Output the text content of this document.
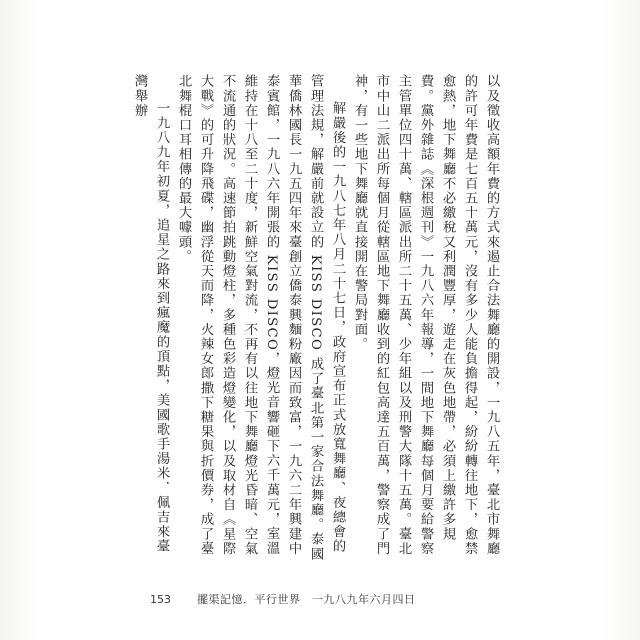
以及徵收高額年費的方式來遏止合法舞廳的開設，一九八五年，臺北市舞廳的許可年費是七百五十萬元，沒有多少人能負擔得起，紛紛轉往地下，愈禁愈熱，地下舞廳不必繳稅又利潤豐厚，遊走在灰色地帶，必須上繳許多規費。黨外雜誌《深根週刊》一九八六年報導，一間地下舞廳每個月要給警察主管單位四十萬、轄區派出所二十五萬、少年組以及刑警大隊十五萬。臺北市中山二派出所每個月從轄區地下舞廳收到的紅包高達五百萬，警察成了門神，有一些地下舞廳就直接開在警局對面。

解嚴後的一九八七年八月二十七日，政府宣布正式放寬舞廳、夜總會的管理法規，解嚴前就設立的 KISS DISCO 成了臺北第一家合法舞廳。泰國華僑林國長一九五四年來臺創立僑泰興麵粉廠因而致富，一九六二年興建中泰賓館，一九八六年開張的 KISS DISCO，燈光音響砸下六千萬元，室溫維持在十八至二十度，新鮮空氣對流，不再有以往地下舞廳燈光昏暗、空氣不流通的狀況。高速節拍跳動燈柱，多種色彩造燈變化，以及取材自《星際大戰》的可升降飛碟，幽浮從天而降，火辣女郎撒下糖果與折價券，成了臺北舞棍口耳相傳的最大噱頭。

一九八九年初夏，追星之路來到瘋魔的頂點，美國歌手湯米．佩吉來臺灣舉辦

153 擺渠記憶．平行世界　一九八九年六月四日
